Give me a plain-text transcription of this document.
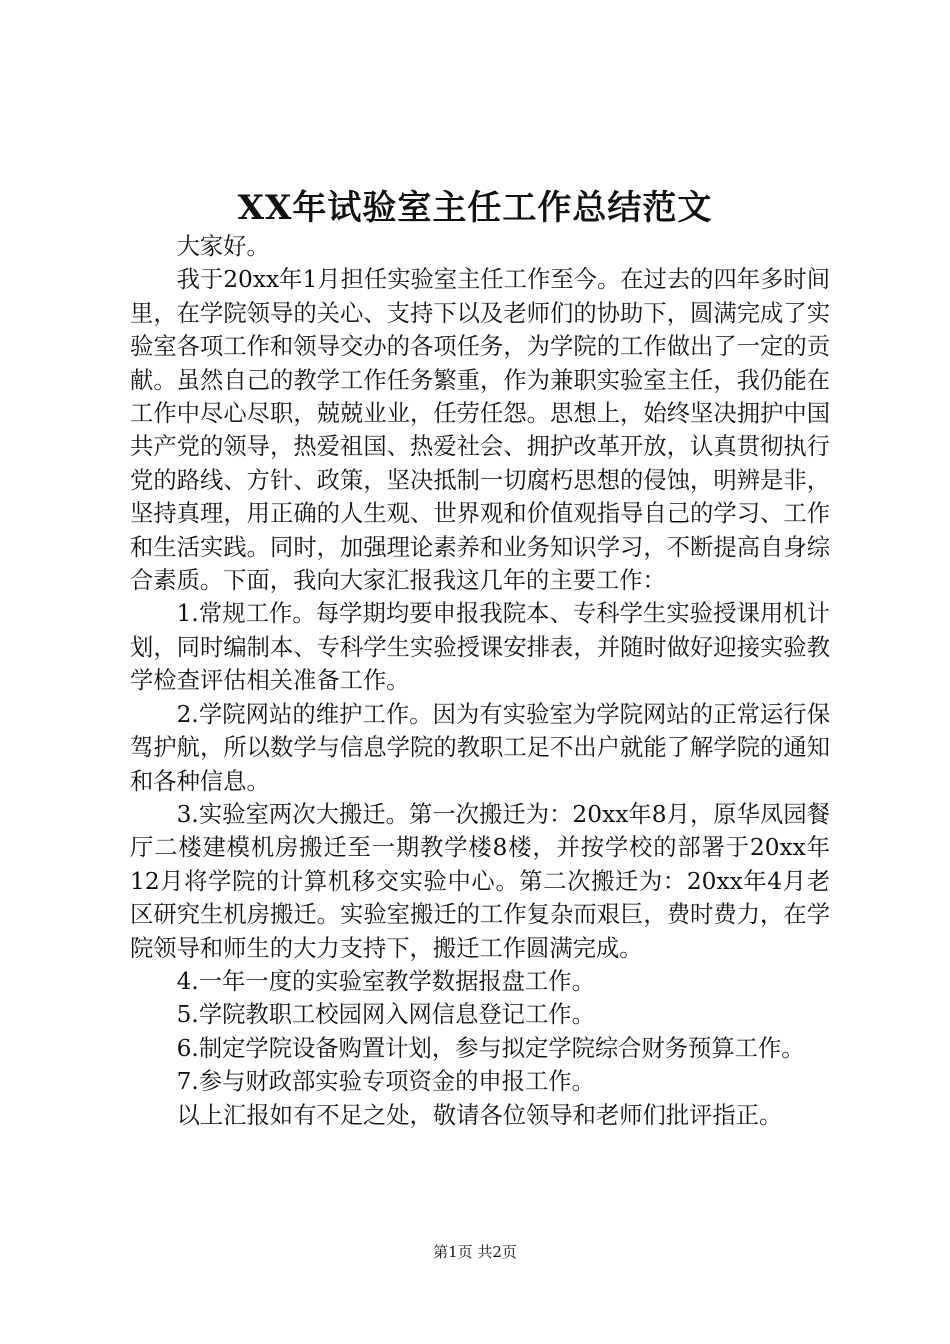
XX年试验室主任工作总结范文

大家好。

我于20xx年1月担任实验室主任工作至今。在过去的四年多时间里，在学院领导的关心、支持下以及老师们的协助下，圆满完成了实验室各项工作和领导交办的各项任务，为学院的工作做出了一定的贡献。虽然自己的教学工作任务繁重，作为兼职实验室主任，我仍能在工作中尽心尽职，兢兢业业，任劳任怨。思想上，始终坚决拥护中国共产党的领导，热爱祖国、热爱社会、拥护改革开放，认真贯彻执行党的路线、方针、政策，坚决抵制一切腐朽思想的侵蚀，明辨是非，坚持真理，用正确的人生观、世界观和价值观指导自己的学习、工作和生活实践。同时，加强理论素养和业务知识学习，不断提高自身综合素质。下面，我向大家汇报我这几年的主要工作：

1.常规工作。每学期均要申报我院本、专科学生实验授课用机计划，同时编制本、专科学生实验授课安排表，并随时做好迎接实验教学检查评估相关准备工作。

2.学院网站的维护工作。因为有实验室为学院网站的正常运行保驾护航，所以数学与信息学院的教职工足不出户就能了解学院的通知和各种信息。

3.实验室两次大搬迁。第一次搬迁为：20xx年8月，原华凤园餐厅二楼建模机房搬迁至一期教学楼8楼，并按学校的部署于20xx年12月将学院的计算机移交实验中心。第二次搬迁为：20xx年4月老区研究生机房搬迁。实验室搬迁的工作复杂而艰巨，费时费力，在学院领导和师生的大力支持下，搬迁工作圆满完成。

4.一年一度的实验室教学数据报盘工作。

5.学院教职工校园网入网信息登记工作。

6.制定学院设备购置计划，参与拟定学院综合财务预算工作。

7.参与财政部实验专项资金的申报工作。

以上汇报如有不足之处，敬请各位领导和老师们批评指正。

第1页 共2页
